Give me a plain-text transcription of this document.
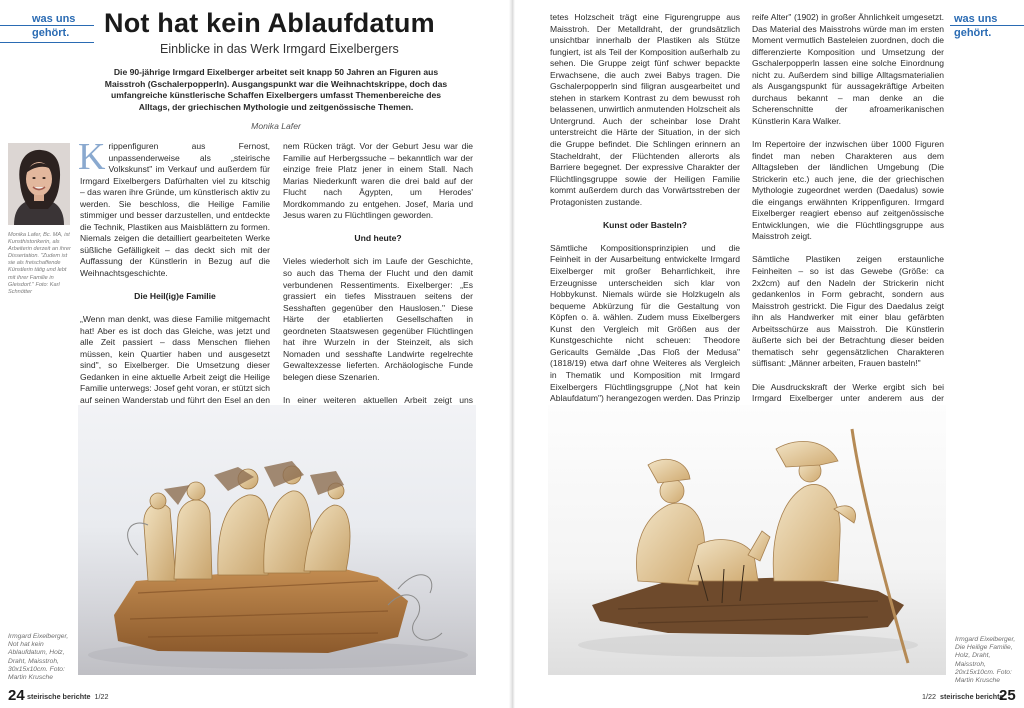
was uns
gehört.
was uns
gehört.
Not hat kein Ablaufdatum
Einblicke in das Werk Irmgard Eixelbergers
Die 90-jährige Irmgard Eixelberger arbeitet seit knapp 50 Jahren an Figuren aus Maisstroh (Gschalerpopperln). Ausgangspunkt war die Weihnachtskrippe, doch das umfangreiche künstlerische Schaffen Eixelbergers umfasst Themenbereiche des Alltags, der griechischen Mythologie und zeitgenössische Themen.
Monika Lafer
Monika Lafer, Bc. MA, ist Kunsthistorikerin, als Arbeiterin derzeit an ihrer Dissertation. "Zudem ist sie als freischaffende Künstlerin tätig und lebt mit ihrer Familie in Gleisdorf." Foto: Karl Schnötter

Krippenfiguren aus Fernost, unpassenderweise als „steirische Volkskunst" im Verkauf und außerdem für Irmgard Eixelbergers Dafürhalten viel zu kitschig – das waren ihre Gründe, um künstlerisch aktiv zu werden. Sie beschloss, die Heilige Familie stimmiger und besser darzustellen, und entdeckte die Technik, Plastiken aus Maisblättern zu formen. Niemals zeigen die detailliert gearbeiteten Werke süßliche Gefälligkeit – das deckt sich mit der Auffassung der Künstlerin in Bezug auf die Weihnachtsgeschichte.

Die Heil(ig)e Familie

„Wenn man denkt, was diese Familie mitgemacht hat! Aber es ist doch das Gleiche, was jetzt und alle Zeit passiert – dass Menschen fliehen müssen, kein Quartier haben und ausgesetzt sind", so Eixelberger. Die Umsetzung dieser Gedanken in eine aktuelle Arbeit zeigt die Heilige Familie unterwegs: Josef geht voran, er stützt sich auf seinen Wanderstab und führt den Esel an den

nem Rücken trägt. Vor der Geburt Jesu war die Familie auf Herbergssuche – bekanntlich war der einzige freie Platz jener in einem Stall. Nach Marias Niederkunft waren die drei bald auf der Flucht nach Ägypten, um Herodes' Mordkommando zu entgehen. Josef, Maria und Jesus waren zu Flüchtlingen geworden.

Und heute?

Vieles wiederholt sich im Laufe der Geschichte, so auch das Thema der Flucht und den damit verbundenen Ressentiments. Eixelberger: „Es grassiert ein tiefes Misstrauen seitens der Sesshaften gegenüber den Hauslosen." Diese Härte der etablierten Gesellschaften in geordneten Staatswesen gegenüber Flüchtlingen hat ihre Wurzeln in der Steinzeit, als sich Nomaden und sesshafte Landwirte regelrechte Gewaltexzesse lieferten. Archäologische Funde belegen diese Szenarien.

In einer weiteren aktuellen Arbeit zeigt uns

tetes Holzscheit trägt eine Figurengruppe aus Maisstroh. Der Metalldraht, der grundsätzlich unsichtbar innerhalb der Plastiken als Stütze fungiert, ist als Teil der Komposition außerhalb zu sehen. Die Gruppe zeigt fünf schwer bepackte Erwachsene, die auch zwei Babys tragen. Die Gschalerpopperln sind filigran ausgearbeitet und stehen in starkem Kontrast zu dem bewusst roh belassenen, unwirtlich anmutenden Holzscheit als Untergrund. Auch der scheinbar lose Draht unterstreicht die Härte der Situation, in der sich die Gruppe befindet. Die Schlingen erinnern an Stacheldraht, der Flüchtenden allerorts als Barriere begegnet. Der expressive Charakter der Flüchtlingsgruppe sowie der Heiligen Familie kommt außerdem durch das Vorwärtsstreben der Protagonisten zustande.

Kunst oder Basteln?

Sämtliche Kompositionsprinzipien und die Feinheit in der Ausarbeitung entwickelte Irmgard Eixelberger mit großer Beharrlichkeit, ihre Erzeugnisse unterscheiden sich klar von Hobbykunst. Niemals würde sie Holzkugeln als bequeme Abkürzung für die Gestaltung von Köpfen o. ä. wählen. Zudem muss Eixelbergers Kunst den Vergleich mit Größen aus der Kunstgeschichte nicht scheuen: Theodore Gericaults Gemälde „Das Floß der Medusa" (1818/19) etwa darf ohne Weiteres als Vergleich in Thematik und Komposition mit Irmgard Eixelbergers Flüchtlingsgruppe („Not hat kein Ablaufdatum") herangezogen werden. Das Prinzip

reife Alter" (1902) in großer Ähnlichkeit umgesetzt. Das Material des Maisstrohs würde man im ersten Moment vermutlich Basteleien zuordnen, doch die differenzierte Komposition und Umsetzung der Gschalerpopperln lassen eine solche Einordnung nicht zu. Außerdem sind billige Alltagsmaterialien als Ausgangspunkt für aussagekräftige Arbeiten durchaus bekannt – man denke an die Scherenschnitte der afroamerikanischen Künstlerin Kara Walker.

Im Repertoire der inzwischen über 1000 Figuren findet man neben Charakteren aus dem Alltagsleben der ländlichen Umgebung (Die Strickerin etc.) auch jene, die der griechischen Mythologie zugeordnet werden (Daedalus) sowie die eingangs erwähnten Krippenfiguren. Irmgard Eixelberger reagiert ebenso auf zeitgenössische Entwicklungen, wie die Flüchtlingsgruppe aus Maisstroh zeigt.

Sämtliche Plastiken zeigen erstaunliche Feinheiten – so ist das Gewebe (Größe: ca 2x2cm) auf den Nadeln der Strickerin nicht gedankenlos in Form gebracht, sondern aus Maisstroh gestrickt. Die Figur des Daedalus zeigt ihn als Handwerker mit einer blau gefärbten Arbeitsschürze aus Maisstroh. Die Künstlerin äußerte sich bei der Betrachtung dieser beiden thematisch sehr gegensätzlichen Charakteren süffisant: „Männer arbeiten, Frauen basteln!"

Die Ausdruckskraft der Werke ergibt sich bei Irmgard Eixelberger unter anderem aus der

Irmgard Eixelberger, Not hat kein Ablaufdatum, Holz, Draht, Maisstroh, 30x15x10cm. Foto: Martin Krusche
Irmgard Eixelberger, Die Heilige Familie, Holz, Draht, Maisstroh, 20x15x10cm. Foto: Martin Krusche
24 steirische berichte 1/22	1/22 steirische berichte
25
